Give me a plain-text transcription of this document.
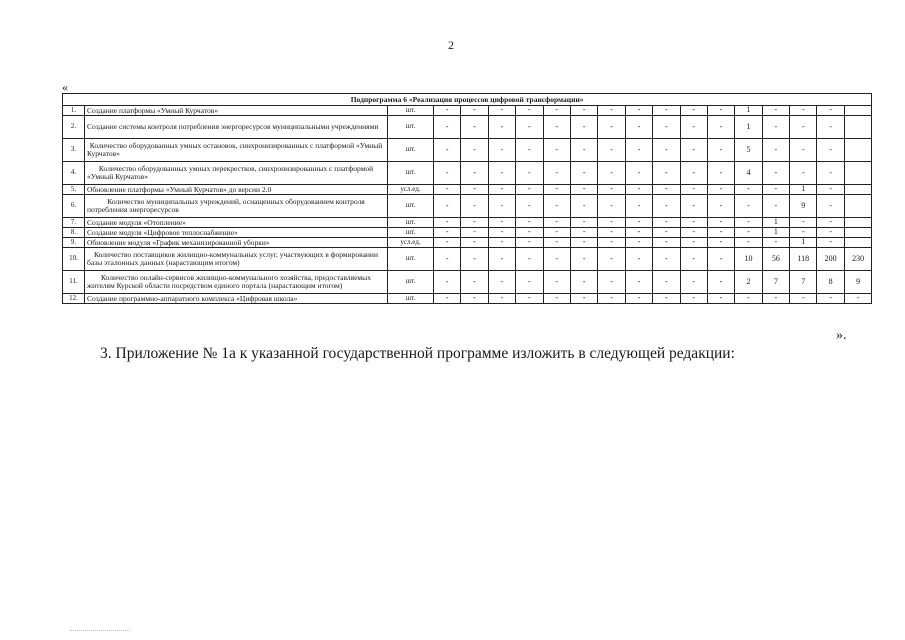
2
«
Подпрограмма 6 «Реализация процессов цифровой трансформации»																		
1.	Создание платформы «Умный Курчатов»	шт.	-	-	-	-	-	-	-	-	-	-	-	1	-	-	-	
2.	Создание системы контроля потребления энергоресурсов муниципальными учреждениями	шт.	-	-	-	-	-	-	-	-	-	-	-	1	-	-	-	
3.	Количество оборудованных умных остановок, синхронизированных с платформой «Умный Курчатов»	шт.	-	-	-	-	-	-	-	-	-	-	-	5	-	-	-	
4.	Количество оборудованных умных перекрестков, синхронизированных с платформой «Умный Курчатов»	шт.	-	-	-	-	-	-	-	-	-	-	-	4	-	-	-	
5.	Обновление платформы «Умный Курчатов» до версии 2.0	усл.ед.	-	-	-	-	-	-	-	-	-	-	-	-	-	1	-	
6.	Количество муниципальных учреждений, оснащенных оборудованием контроля потребления энергоресурсов	шт.	-	-	-	-	-	-	-	-	-	-	-	-	-	9	-	
7.	Создание модуля «Отопление»	шт.	-	-	-	-	-	-	-	-	-	-	-	-	1	-	-	
8.	Создание модуля «Цифровое теплоснабжение»	шт.	-	-	-	-	-	-	-	-	-	-	-	-	1	-	-	
9.	Обновление модуля «График механизированной уборки»	усл.ед.	-	-	-	-	-	-	-	-	-	-	-	-	-	1	-	
10.	Количество поставщиков жилищно-коммунальных услуг, участвующих в формировании базы эталонных данных (нарастающим итогом)	шт.	-	-	-	-	-	-	-	-	-	-	-	10	56	118	200	230
11.	Количество онлайн-сервисов жилищно-коммунального хозяйства, предоставляемых жителям Курской области посредством единого портала (нарастающим итогом)	шт.	-	-	-	-	-	-	-	-	-	-	-	2	7	7	8	9
12.	Создание программно-аппаратного комплекса «Цифровая школа»	шт.	-	-	-	-	-	-	-	-	-	-	-	-	-	-	-	-
».
3. Приложение № 1а к указанной государственной программе изложить в следующей редакции:
